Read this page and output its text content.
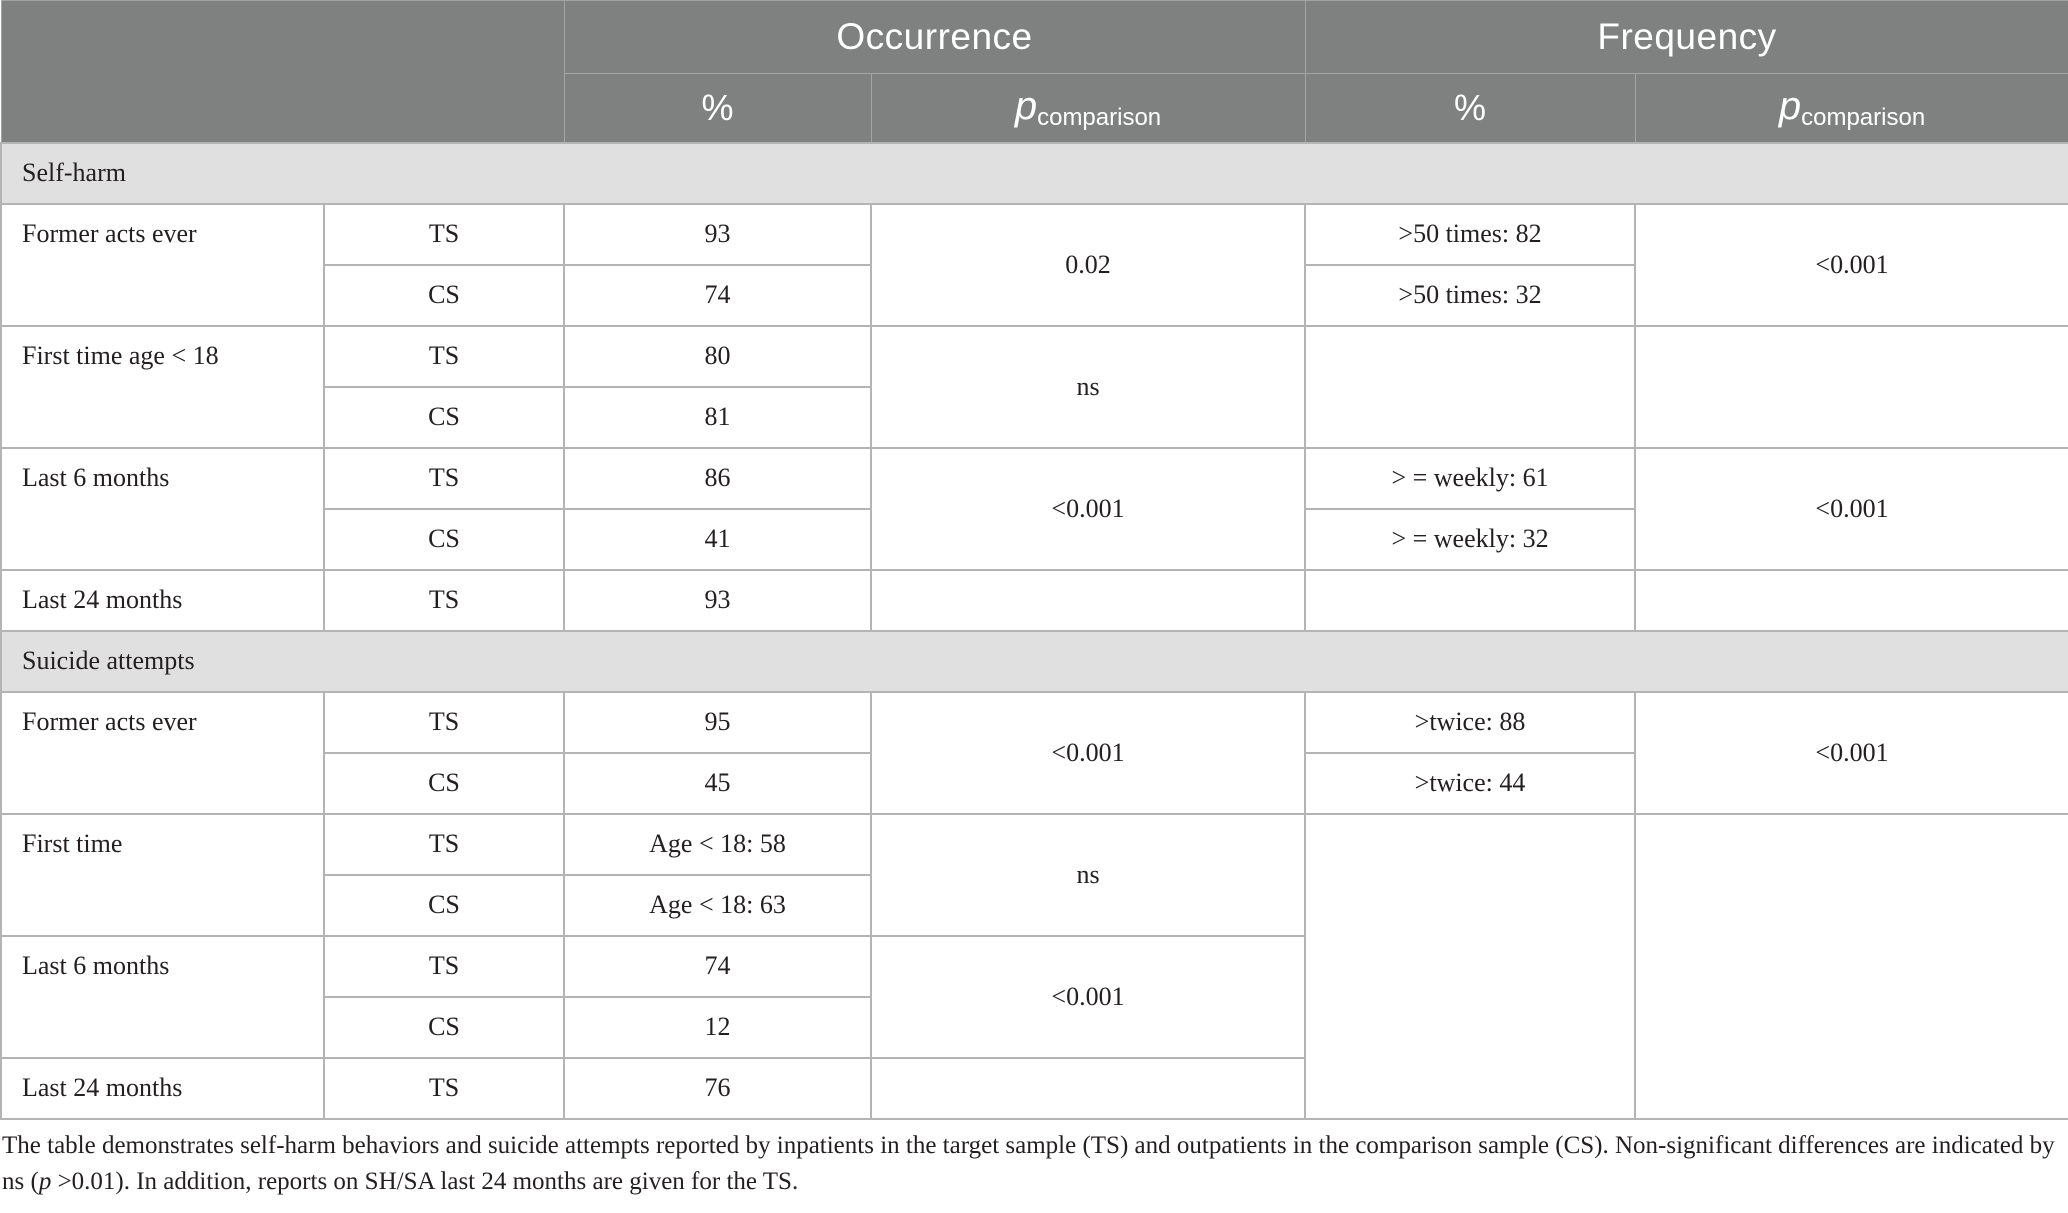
		Occurrence		Frequency	
		%	pcomparison	%	pcomparison
Self-harm					
Former acts ever	TS	93	0.02	>50 times: 82	<0.001
	CS	74		>50 times: 32	
First time age < 18	TS	80	ns		
	CS	81			
Last 6 months	TS	86	<0.001	> = weekly: 61	<0.001
	CS	41		> = weekly: 32	
Last 24 months	TS	93			
Suicide attempts					
Former acts ever	TS	95	<0.001	>twice: 88	<0.001
	CS	45		>twice: 44	
First time	TS	Age < 18: 58	ns		
	CS	Age < 18: 63			
Last 6 months	TS	74	<0.001		
	CS	12			
Last 24 months	TS	76			
The table demonstrates self-harm behaviors and suicide attempts reported by inpatients in the target sample (TS) and outpatients in the comparison sample (CS). Non-significant differences are indicated by ns (p >0.01). In addition, reports on SH/SA last 24 months are given for the TS.
